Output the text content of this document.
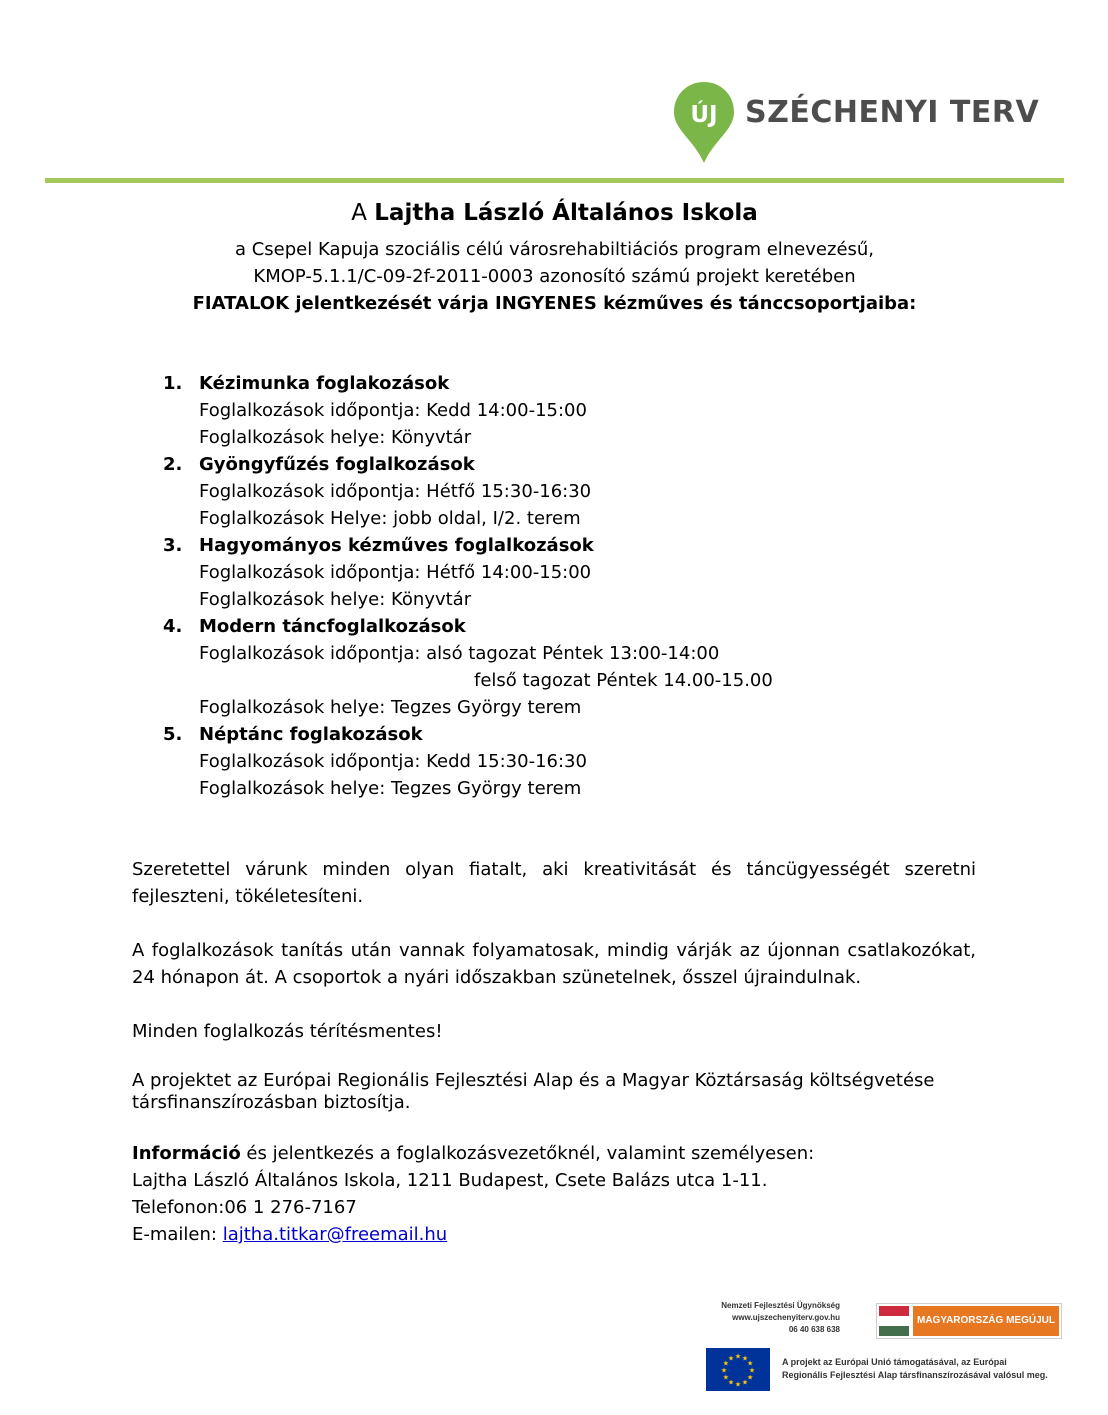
ÚJ SZÉCHENYI TERV
A Lajtha László Általános Iskola
a Csepel Kapuja szociális célú városrehabiltiációs program elnevezésű,
KMOP-5.1.1/C-09-2f-2011-0003 azonosító számú projekt keretében
FIATALOK jelentkezését várja INGYENES kézműves és tánccsoportjaiba:
1. Kézimunka foglakozások
Foglalkozások időpontja: Kedd 14:00-15:00
Foglalkozások helye: Könyvtár
2. Gyöngyfűzés foglalkozások
Foglalkozások időpontja: Hétfő 15:30-16:30
Foglalkozások Helye: jobb oldal, I/2. terem
3. Hagyományos kézműves foglalkozások
Foglalkozások időpontja: Hétfő 14:00-15:00
Foglalkozások helye: Könyvtár
4. Modern táncfoglalkozások
Foglalkozások időpontja: alsó tagozat Péntek 13:00-14:00
felső tagozat Péntek 14.00-15.00
Foglalkozások helye: Tegzes György terem
5. Néptánc foglakozások
Foglalkozások időpontja: Kedd 15:30-16:30
Foglalkozások helye: Tegzes György terem
Szeretettel várunk minden olyan fiatalt, aki kreativitását és táncügyességét szeretni fejleszteni, tökéletesíteni.
A foglalkozások tanítás után vannak folyamatosak, mindig várják az újonnan csatlakozókat, 24 hónapon át. A csoportok a nyári időszakban szünetelnek, ősszel újraindulnak.
Minden foglalkozás térítésmentes!
A projektet az Európai Regionális Fejlesztési Alap és a Magyar Köztársaság költségvetése társfinanszírozásban biztosítja.
Információ és jelentkezés a foglalkozásvezetőknél, valamint személyesen:
Lajtha László Általános Iskola, 1211 Budapest, Csete Balázs utca 1-11.
Telefonon:06 1 276-7167
E-mailen: lajtha.titkar@freemail.hu
Nemzeti Fejlesztési Ügynökség
www.ujszechenyiterv.gov.hu
06 40 638 638
MAGYARORSZÁG MEGÚJUL
★
★
★
★
★
★
★
★
★ ★ ★
★	A projekt az Európai Unió támogatásával, az Európai
Regionális Fejlesztési Alap társfinanszírozásával valósul meg.
